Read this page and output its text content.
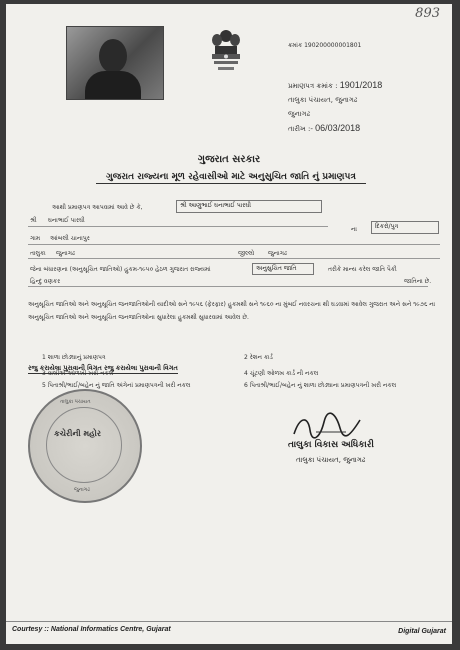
893
ક્રમાંક 190200000001801
પ્રમાણપત્ર ક્રમાંક : 1901/2018
તાલુકા પંચાયત, જુનાગઢ
જુનાગઢ
તારીખ :- 06/03/2018
ગુજરાત સરકાર
ગુજરાત રાજ્યના મૂળ રહેવાસીઓ માટે અનુસુચિત જાતિ નું પ્રમાણપત્ર
આથી પ્રમાણપત્ર આપવામાં આવે છે કે,	શ્રી આણુભાઈ ઘનાભાઈ પારઘી
શ્રી ઘનાભાઈ પારઘી
ના	દિકરો/પુત્ર
ગામ આંબલી ચાનાપુર
તાલુકા જુનાગઢ	જીલ્લો જુનાગઢ
જેના બંધારણના (અનુસૂચિત જાતિઓ) હુકમ-૧૯૫૦ હેઠળ ગુજરાત રાજ્યમાં	અનુસુચિત જાતિ	તરીકે માન્ય કરેલ જાતિ પૈકી
હિન્દુ વણકર	જાતિના છે.
અનુસૂચિત જાતિઓ અને અનુસૂચિત જનજાતિઓની યાદીઓ સને ૧૯૫૬ (ફેરફાર) હુકમથી સને ૧૯૬૦ ના મુંબઈ નવરચના થી ઘડવામાં આવેલ ગુજરાત અને સને ૧૯૭૬ ના અનુસૂચિત જાતિઓ અને અનુસૂચિત જનજાતિઓના સુધારેલા હુકમથી સુધારવામાં આવેલ છે.
રજુ કરાયેલા પુરાવાની વિગત રજુ કરાયેલા પુરાવાની વિગત
1 શાળા છોડ્યાનું પ્રમાણપત્ર	2 રેશન કાર્ડ
3 વાલીએ ઓળખી ખરી નકલ	4 ચૂંટણી ઓળખ કાર્ડ ની નકલ
5 પિતાશ્રી/ભાઈ/બહેન નું જાતિ અંગેનાં પ્રમાણપત્રની ખરી નકલ	6 પિતાશ્રી/ભાઈ/બહેન નું શાળા છોડ્યાના પ્રમાણપત્રની ખરી નકલ
તાલુકા પંચાયત
કચેરીની મહોર
જુનાગઢ
તાલુકા વિકાસ અધિકારી
તાલુકા પંચાયત, જુનાગઢ
Courtesy :: National Informatics Centre, Gujarat	Digital Gujarat
